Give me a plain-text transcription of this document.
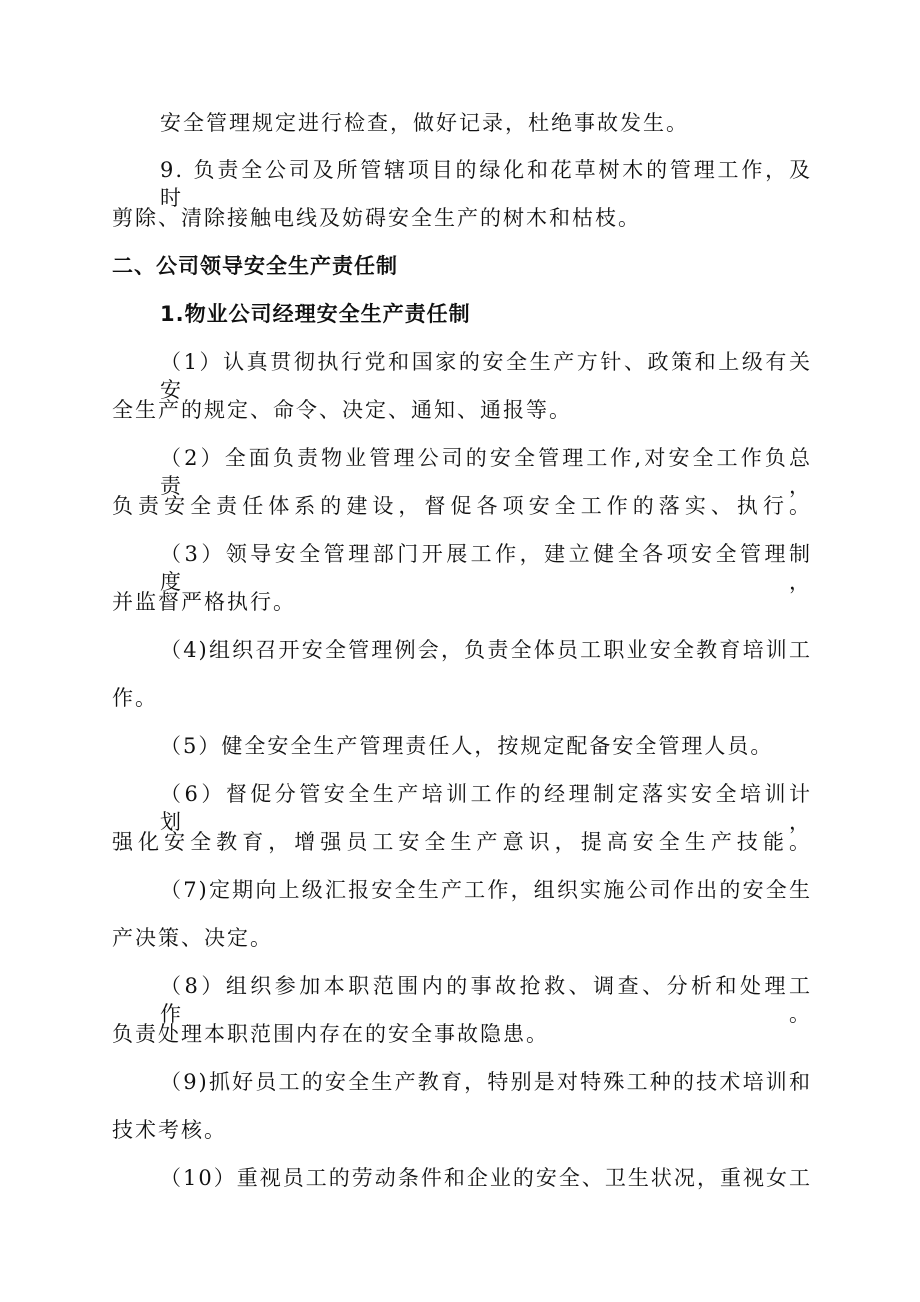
安全管理规定进行检查，做好记录，杜绝事故发生。
9. 负责全公司及所管辖项目的绿化和花草树木的管理工作，及时
剪除、清除接触电线及妨碍安全生产的树木和枯枝。
二、公司领导安全生产责任制
1.物业公司经理安全生产责任制
（1）认真贯彻执行党和国家的安全生产方针、政策和上级有关安
全生产的规定、命令、决定、通知、通报等。
（2）全面负责物业管理公司的安全管理工作,对安全工作负总责，
负责安全责任体系的建设，督促各项安全工作的落实、执行。
（3）领导安全管理部门开展工作，建立健全各项安全管理制度，
并监督严格执行。
（4)组织召开安全管理例会，负责全体员工职业安全教育培训工
作。
（5）健全安全生产管理责任人，按规定配备安全管理人员。
（6）督促分管安全生产培训工作的经理制定落实安全培训计划，
强化安全教育，增强员工安全生产意识，提高安全生产技能。
（7)定期向上级汇报安全生产工作，组织实施公司作出的安全生
产决策、决定。
（8）组织参加本职范围内的事故抢救、调查、分析和处理工作。
负责处理本职范围内存在的安全事故隐患。
（9)抓好员工的安全生产教育，特别是对特殊工种的技术培训和
技术考核。
（10）重视员工的劳动条件和企业的安全、卫生状况，重视女工
